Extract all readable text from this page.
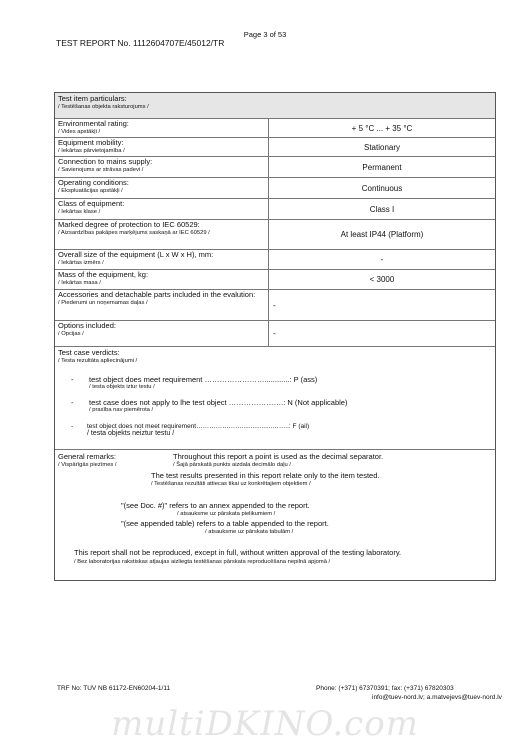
Page 3 of 53
TEST REPORT No. 1112604707E/45012/TR
Test item particulars:
/ Testēšanas objekta raksturojums /
Environmental rating:
/ Vides apstākļi /	+ 5 °C ... + 35 °C
Equipment mobility:
/ Iekārtas pārvietojamība /	Stationary
Connection to mains supply:
/ Savienojums ar strāvas padevi /	Permanent
Operating conditions:
/ Ekspluatācijas apstākļi /	Continuous
Class of equipment:
/ Iekārtas klase /	Class I
Marked degree of protection to IEC 60529:
/ Aizsardzības pakāpes marķējums saskaņā ar IEC 60529 /	At least IP44 (Platform)
Overall size of the equipment (L x W x H), mm:
/ Iekārtas izmērs /	-
Mass of the equipment, kg:
/ Iekārtas masa /	< 3000
Accessories and detachable parts included in the evalution:
/ Piederumi un noņemamas daļas /	-
Options included:
/ Opcijas /	-
Test case verdicts:
/ Testa rezultāta apliecinājumi /
- test object does meet requirement ……………………............: P (ass)
/ testa objekts iztur testu /
- test case does not apply to lhe test object ………………….: N (Not applicable)
/ prasība nav piemērota /
- test object does not meet requirement………………….................……..: F (ail)
/ testa objekts neiztur testu /
General remarks:
/ Vispārīgās piezīmes /
Throughout this report a point is used as the decimal separator.
/ Šajā pārskatā punkts aizdala decimālo daļu /
The test results presented in this report relate only to the item tested.
/ Testēšanas rezultāti attiecas tikai uz konkrētajiem objektiem /
"(see Doc. #)" refers to an annex appended to the report.
/ atsauksme uz pārskata pielikumiem /
"(see appended table) refers to a table appended to the report.
/ atsauksme uz pārskata tabulām /
This report shall not be reproduced, except in full, without written approval of the testing laboratory.
/ Bez laboratorijas rakstiskas atļaujas aizliegta testēšanas pārskata reproducēšana nepilnā apjomā /
TRF No: TUV NB 61172-EN60204-1/11	Phone: (+371) 67370391; fax: (+371) 67820303
info@tuev-nord.lv; a.matvejevs@tuev-nord.lv
multiDKINO.com
